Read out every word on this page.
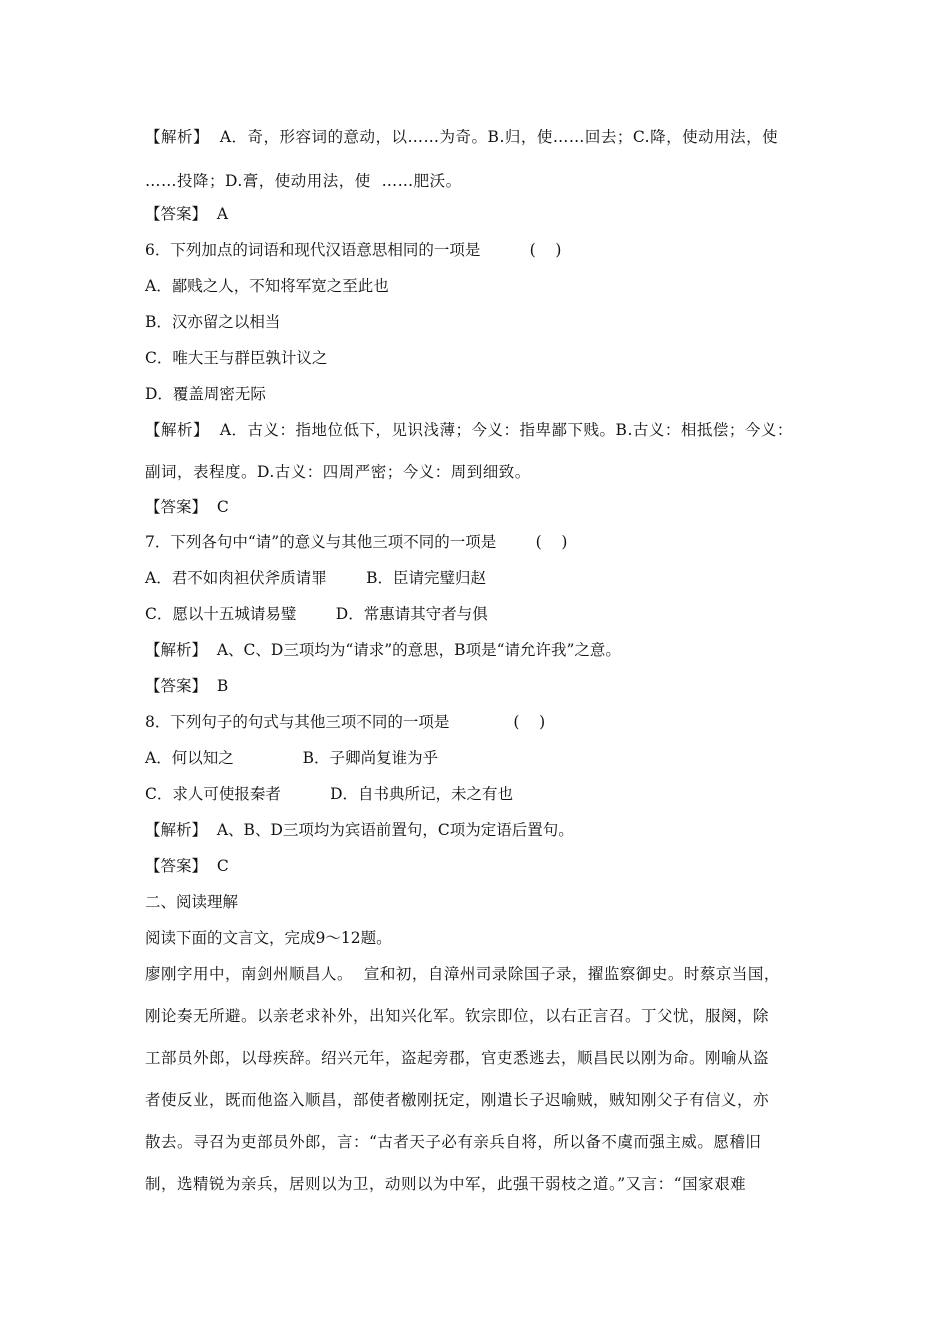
【解析】  A．奇，形容词的意动，以……为奇。B.归，使……回去；C.降，使动用法，使
……投降；D.膏，使动用法，使  ……肥沃。
【答案】  A
6．下列加点的词语和现代汉语意思相同的一项是          (    )
A．鄙贱之人，不知将军宽之至此也
B．汉亦留之以相当
C．唯大王与群臣孰计议之
D．覆盖周密无际
【解析】  A．古义：指地位低下，见识浅薄；今义：指卑鄙下贱。B.古义：相抵偿；今义：
副词，表程度。D.古义：四周严密；今义：周到细致。
【答案】  C
7．下列各句中“请”的意义与其他三项不同的一项是        (    )
A．君不如肉袒伏斧质请罪        B．臣请完璧归赵
C．愿以十五城请易璧        D．常惠请其守者与俱
【解析】  A、C、D三项均为“请求”的意思，B项是“请允许我”之意。
【答案】  B
8．下列句子的句式与其他三项不同的一项是             (    )
A．何以知之              B．子卿尚复谁为乎
C．求人可使报秦者          D．自书典所记，未之有也
【解析】  A、B、D三项均为宾语前置句，C项为定语后置句。
【答案】  C
二、阅读理解
阅读下面的文言文，完成9～12题。
廖刚字用中，南剑州顺昌人。  宣和初，自漳州司录除国子录，擢监察御史。时蔡京当国，
刚论奏无所避。以亲老求补外，出知兴化军。钦宗即位，以右正言召。丁父忧，服阕，除
工部员外郎，以母疾辞。绍兴元年，盗起旁郡，官吏悉逃去，顺昌民以刚为命。刚喻从盗
者使反业，既而他盗入顺昌，部使者檄刚抚定，刚遣长子迟喻贼，贼知刚父子有信义，亦
散去。寻召为吏部员外郎，言：“古者天子必有亲兵自将，所以备不虞而强主威。愿稽旧
制，选精锐为亲兵，居则以为卫，动则以为中军，此强干弱枝之道。”又言：“国家艰难
